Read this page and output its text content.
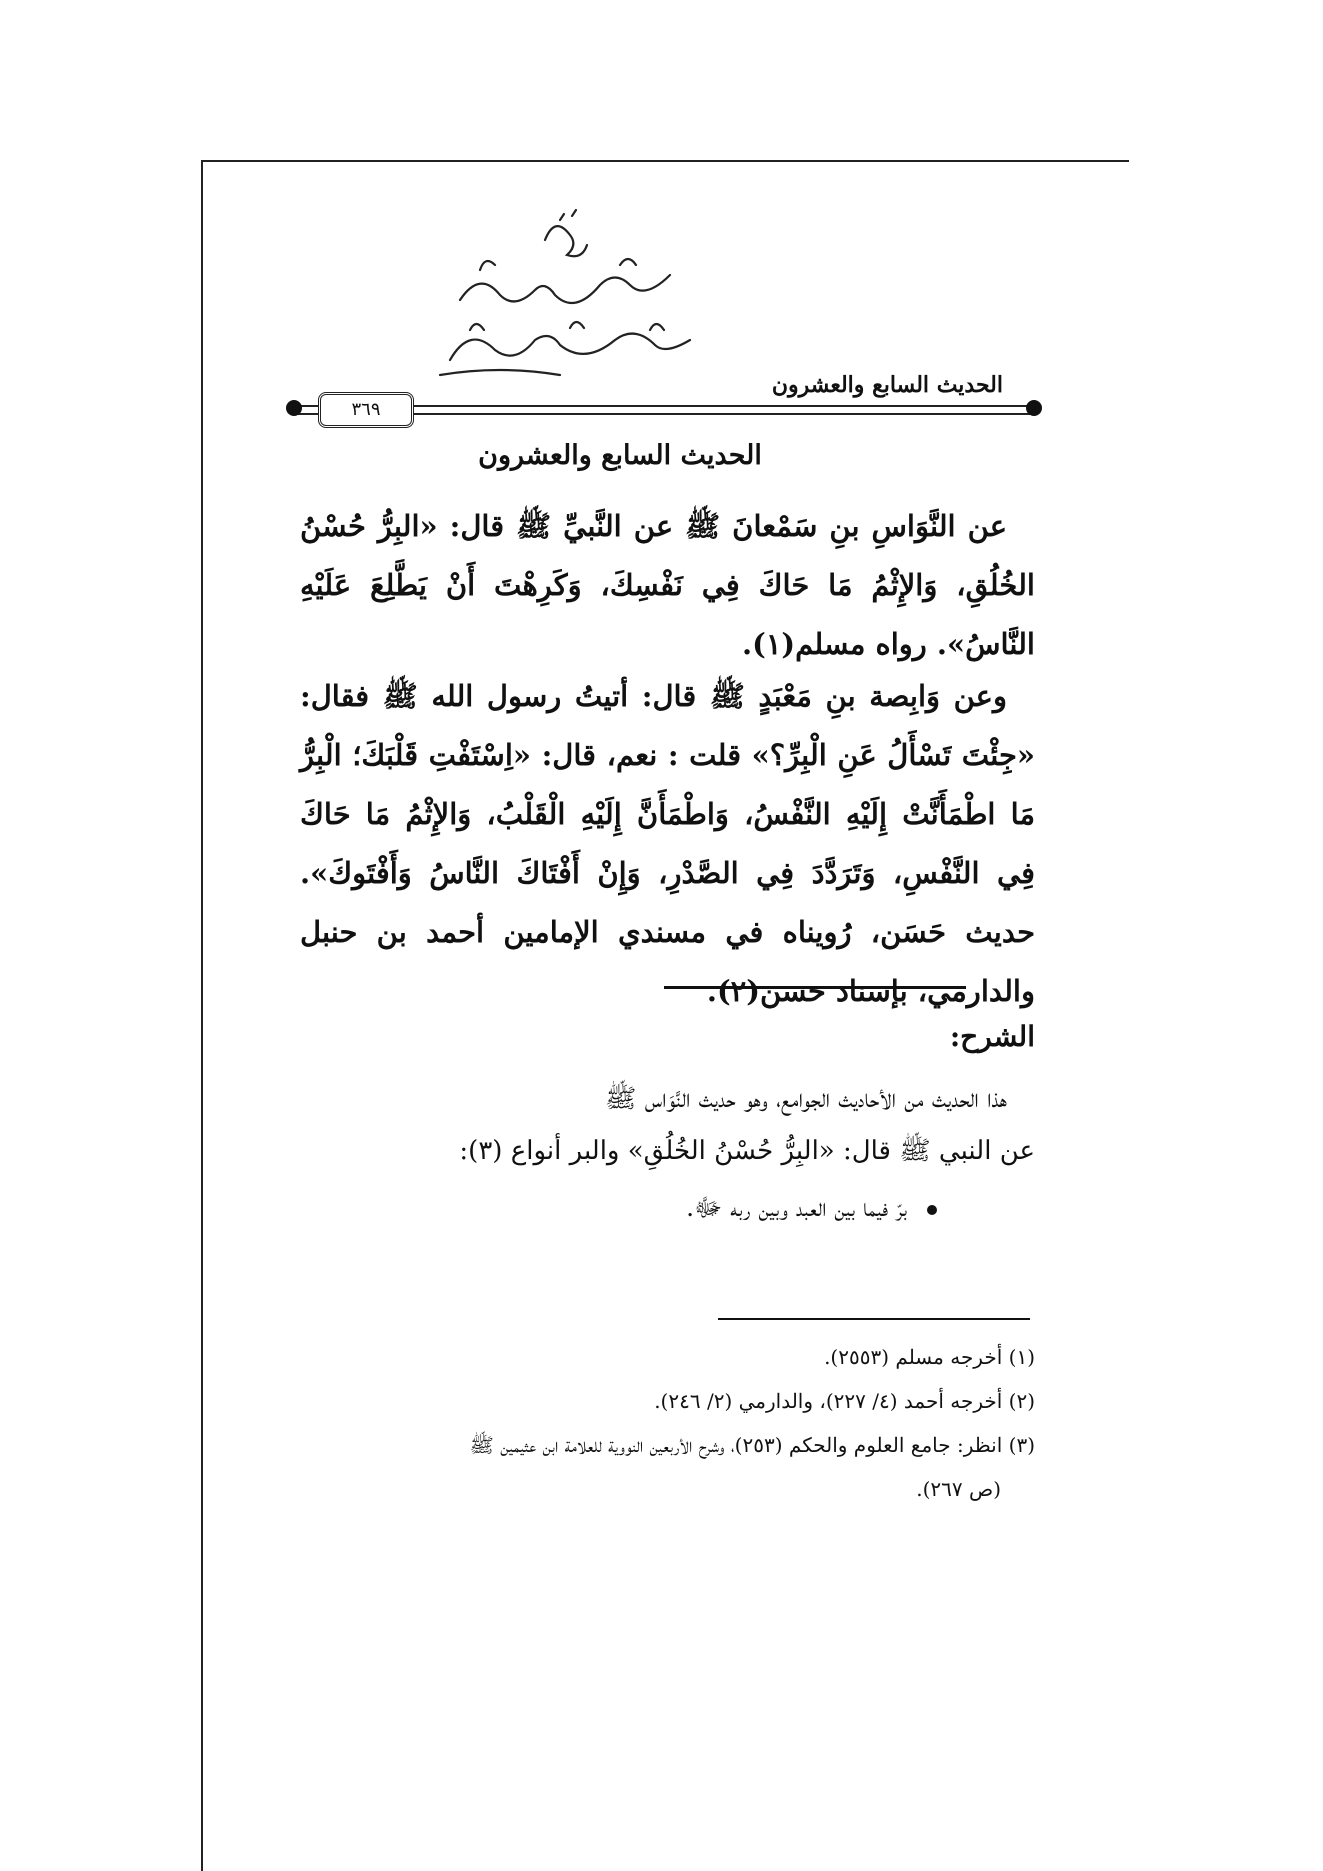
رُفِعَ
عبد الرحمن النجدي
أسكنه الله الفردوس
الحديث السابع والعشرون
٣٦٩
الحديث السابع والعشرون

عن النَّوَاسِ بنِ سَمْعانَ ﷺ عن النَّبيِّ ﷺ قال: «البِرُّ حُسْنُ الخُلُقِ، وَالإِثْمُ مَا حَاكَ فِي نَفْسِكَ، وَكَرِهْتَ أَنْ يَطَّلِعَ عَلَيْهِ النَّاسُ». رواه مسلم(١).

وعن وَابِصة بنِ مَعْبَدٍ ﷺ قال: أتيتُ رسول الله ﷺ فقال: «جِئْتَ تَسْأَلُ عَنِ الْبِرِّ؟» قلت : نعم، قال: «اِسْتَفْتِ قَلْبَكَ؛ الْبِرُّ مَا اطْمَأَنَّتْ إِلَيْهِ النَّفْسُ، وَاطْمَأَنَّ إِلَيْهِ الْقَلْبُ، وَالإِثْمُ مَا حَاكَ فِي النَّفْسِ، وَتَرَدَّدَ فِي الصَّدْرِ، وَإِنْ أَفْتَاكَ النَّاسُ وَأَفْتَوكَ». حديث حَسَن، رُويناه في مسندي الإمامين أحمد بن حنبل والدارمي، بإسناد حسن(٢).

الشرح:

هذا الحديث من الأحاديث الجوامع، وهو حديث النَّوَاس ﷺ

عن النبي ﷺ قال: «البِرُّ حُسْنُ الخُلُقِ» والبر أنواع (٣):

برّ فيما بين العبد وبين ربه ﷻ.

(١) أخرجه مسلم (٢٥٥٣).

(٢) أخرجه أحمد (٤/ ٢٢٧)، والدارمي (٢/ ٢٤٦).

(٣) انظر: جامع العلوم والحكم (٢٥٣)، وشرح الأربعين النووية للعلامة ابن عثيمين ﷺ

(ص ٢٦٧).
